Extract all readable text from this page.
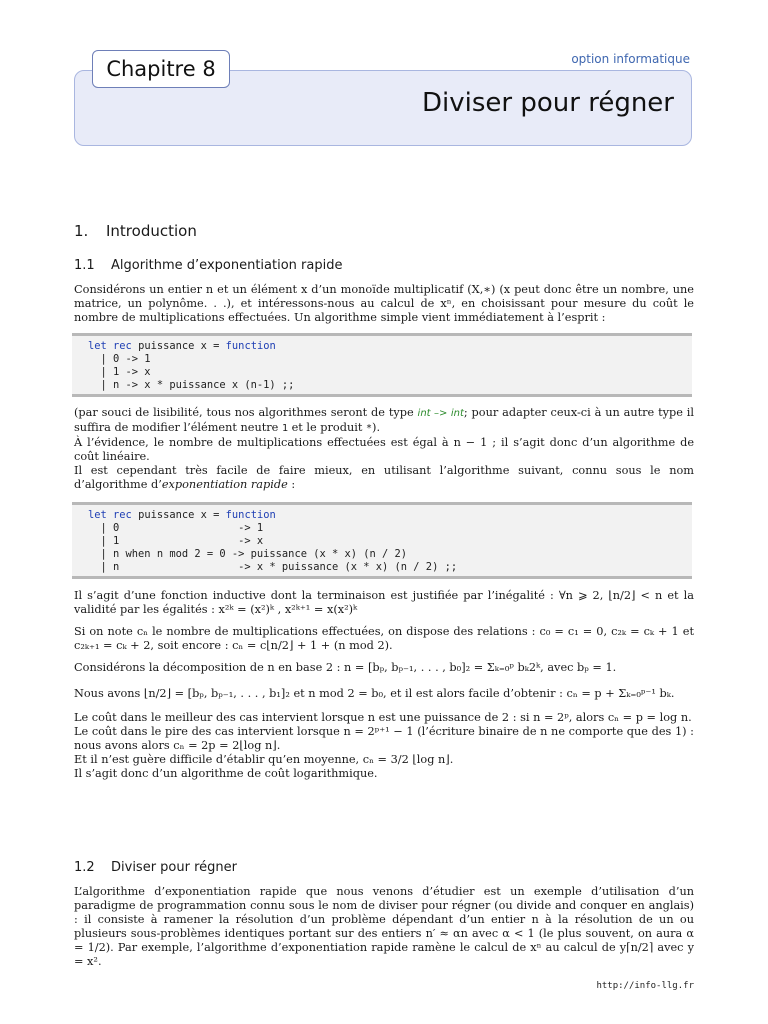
Chapitre 8	option informatique
Diviser pour régner
1. Introduction
1.1 Algorithme d’exponentiation rapide

Considérons un entier n et un élément x d’un monoïde multiplicatif (X,∗) (x peut donc être un nombre, une matrice, un polynôme. . .), et intéressons-nous au calcul de xⁿ, en choisissant pour mesure du coût le nombre de multiplications effectuées. Un algorithme simple vient immédiatement à l’esprit :

let rec puissance x = function
| 0 -> 1
| 1 -> x
| n -> x * puissance x (n-1) ;;

(par souci de lisibilité, tous nos algorithmes seront de type int –> int; pour adapter ceux-ci à un autre type il suffira de modifier l’élément neutre 1 et le produit *).

À l’évidence, le nombre de multiplications effectuées est égal à n − 1 ; il s’agit donc d’un algorithme de coût linéaire.

Il est cependant très facile de faire mieux, en utilisant l’algorithme suivant, connu sous le nom d’algorithme d’exponentiation rapide :

let rec puissance x = function
| 0                   -> 1
| 1                   -> x
| n when n mod 2 = 0 -> puissance (x * x) (n / 2)
| n                   -> x * puissance (x * x) (n / 2) ;;

Il s’agit d’une fonction inductive dont la terminaison est justifiée par l’inégalité : ∀n ⩾ 2, ⌊n/2⌋ < n et la validité par les égalités : x²ᵏ = (x²)ᵏ , x²ᵏ⁺¹ = x(x²)ᵏ

Si on note cₙ le nombre de multiplications effectuées, on dispose des relations : c₀ = c₁ = 0, c₂ₖ = cₖ + 1 et c₂ₖ₊₁ = cₖ + 2, soit encore : cₙ = c⌊n/2⌋ + 1 + (n mod 2).

Considérons la décomposition de n en base 2 : n = [bₚ, bₚ₋₁, . . . , b₀]₂ = Σₖ₌₀ᵖ bₖ2ᵏ, avec bₚ = 1.

Nous avons ⌊n/2⌋ = [bₚ, bₚ₋₁, . . . , b₁]₂ et n mod 2 = b₀, et il est alors facile d’obtenir : cₙ = p + Σₖ₌₀ᵖ⁻¹ bₖ.

Le coût dans le meilleur des cas intervient lorsque n est une puissance de 2 : si n = 2ᵖ, alors cₙ = p = log n.

Le coût dans le pire des cas intervient lorsque n = 2ᵖ⁺¹ − 1 (l’écriture binaire de n ne comporte que des 1) : nous avons alors cₙ = 2p = 2⌊log n⌋.

Et il n’est guère difficile d’établir qu’en moyenne, cₙ = 3/2 ⌊log n⌋.

Il s’agit donc d’un algorithme de coût logarithmique.

1.2 Diviser pour régner

L’algorithme d’exponentiation rapide que nous venons d’étudier est un exemple d’utilisation d’un paradigme de programmation connu sous le nom de diviser pour régner (ou divide and conquer en anglais) : il consiste à ramener la résolution d’un problème dépendant d’un entier n à la résolution de un ou plusieurs sous-problèmes identiques portant sur des entiers n′ ≈ αn avec α < 1 (le plus souvent, on aura α = 1/2). Par exemple, l’algorithme d’exponentiation rapide ramène le calcul de xⁿ au calcul de y⌈n/2⌉ avec y = x².

http://info-llg.fr
